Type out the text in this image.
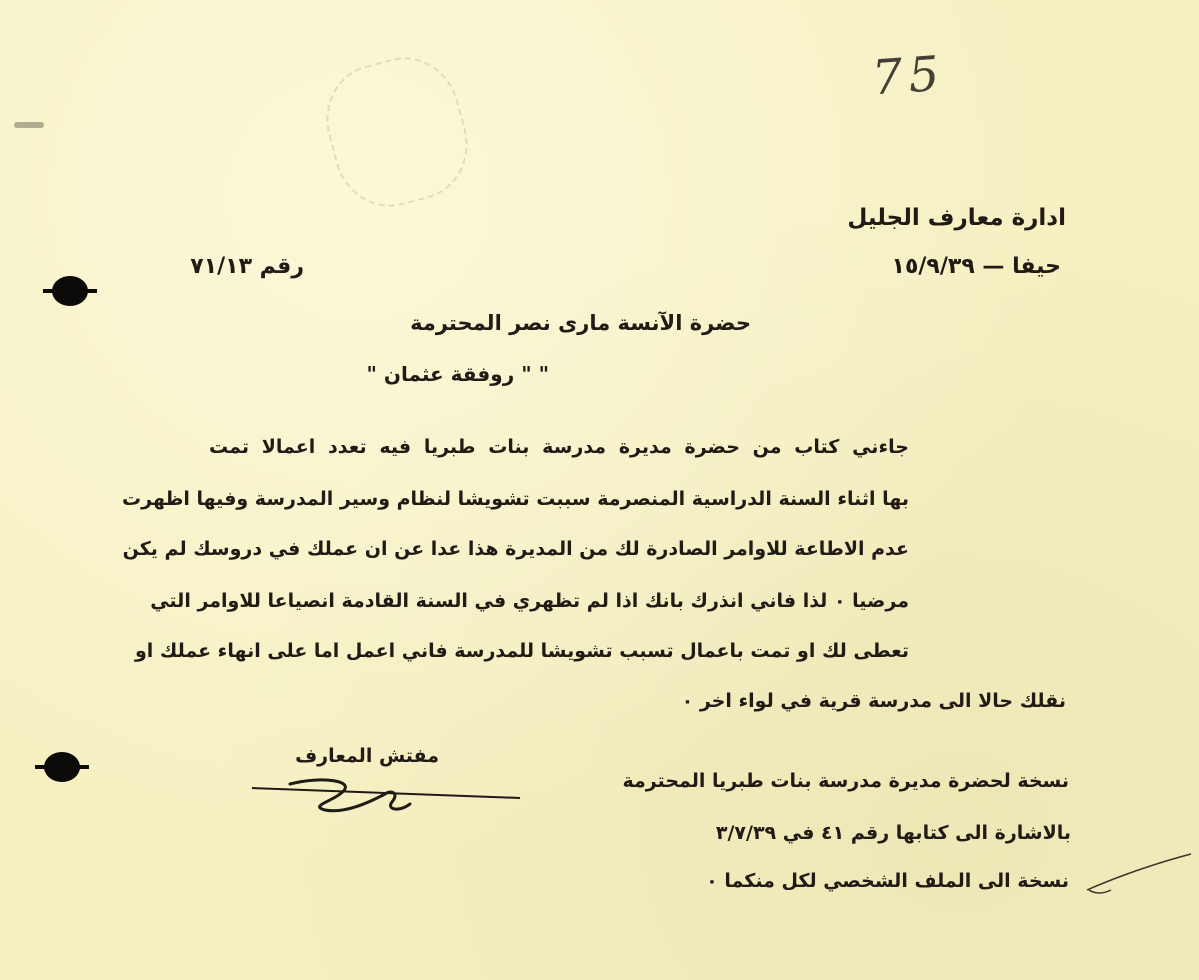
75
ادارة معارف الجليل
حيفا — ١٥/٩/٣٩
رقم ٧١/١٣
حضرة الآنسة مارى نصر المحترمة
" " روفقة عثمان "
جاءني كتاب من حضرة مديرة مدرسة بنات طبريا فيه تعدد اعمالا تمت
بها اثناء السنة الدراسية المنصرمة سببت تشويشا لنظام وسير المدرسة وفيها اظهرت
عدم الاطاعة للاوامر الصادرة لك من المديرة هذا عدا عن ان عملك في دروسك لم يكن
مرضيا ٠ لذا فاني انذرك بانك اذا لم تظهري في السنة القادمة انصياعا للاوامر التي
تعطى لك او تمت باعمال تسبب تشويشا للمدرسة فاني اعمل اما على انهاء عملك او
نقلك حالا الى مدرسة قرية في لواء اخر ٠
مفتش المعارف
نسخة لحضرة مديرة مدرسة بنات طبريا المحترمة
بالاشارة الى كتابها رقم ٤١ في ٣/٧/٣٩
نسخة الى الملف الشخصي لكل منكما ٠
